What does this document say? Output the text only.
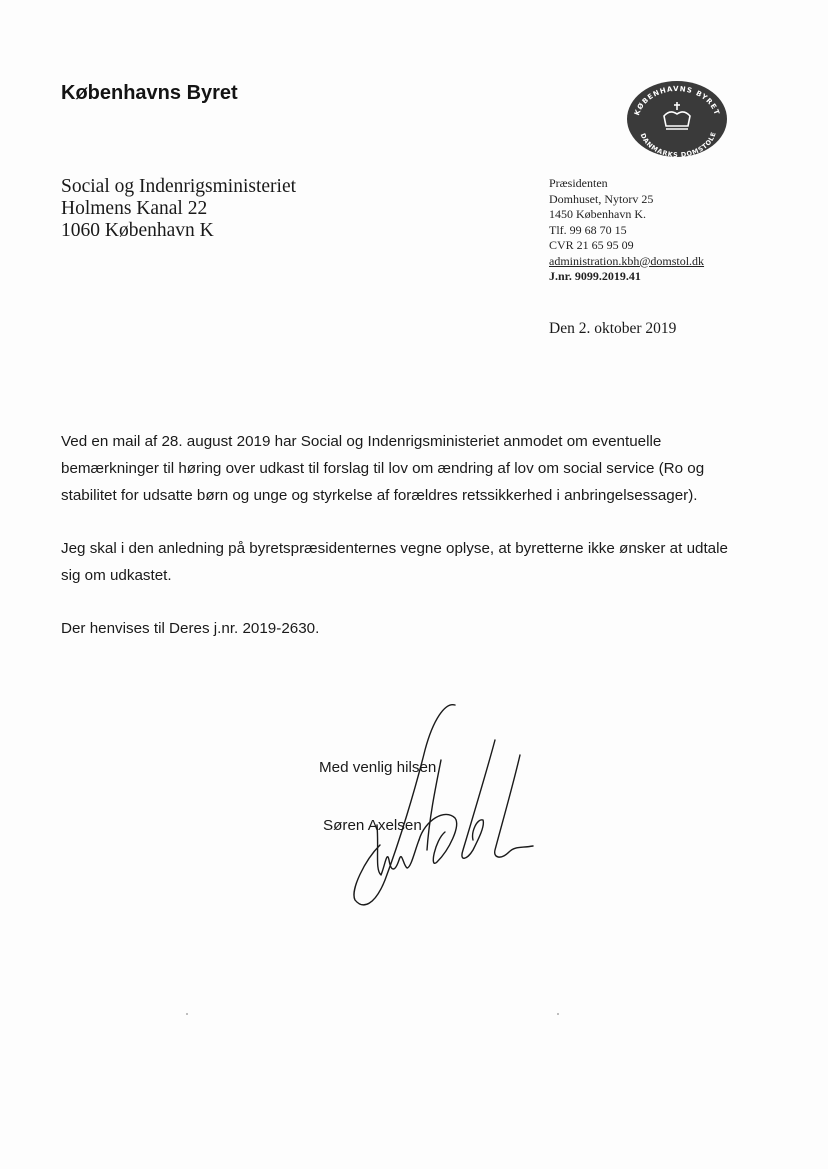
Københavns Byret
KØBENHAVNS BYRET
DANMARKS DOMSTOLE
Social og Indenrigsministeriet
Holmens Kanal 22
1060 København K
Præsidenten
Domhuset, Nytorv 25
1450 København K.
Tlf. 99 68 70 15
CVR 21 65 95 09
administration.kbh@domstol.dk
J.nr. 9099.2019.41
Den 2. oktober 2019

Ved en mail af 28. august 2019 har Social og Indenrigsministeriet anmodet om eventuelle bemærkninger til høring over udkast til forslag til lov om ændring af lov om social service (Ro og stabilitet for udsatte børn og unge og styrkelse af forældres retssikkerhed i anbringelsessager).

Jeg skal i den anledning på byretspræsidenternes vegne oplyse, at byretterne ikke ønsker at udtale sig om udkastet.

Der henvises til Deres j.nr. 2019-2630.

Med venlig hilsen
Søren Axelsen
